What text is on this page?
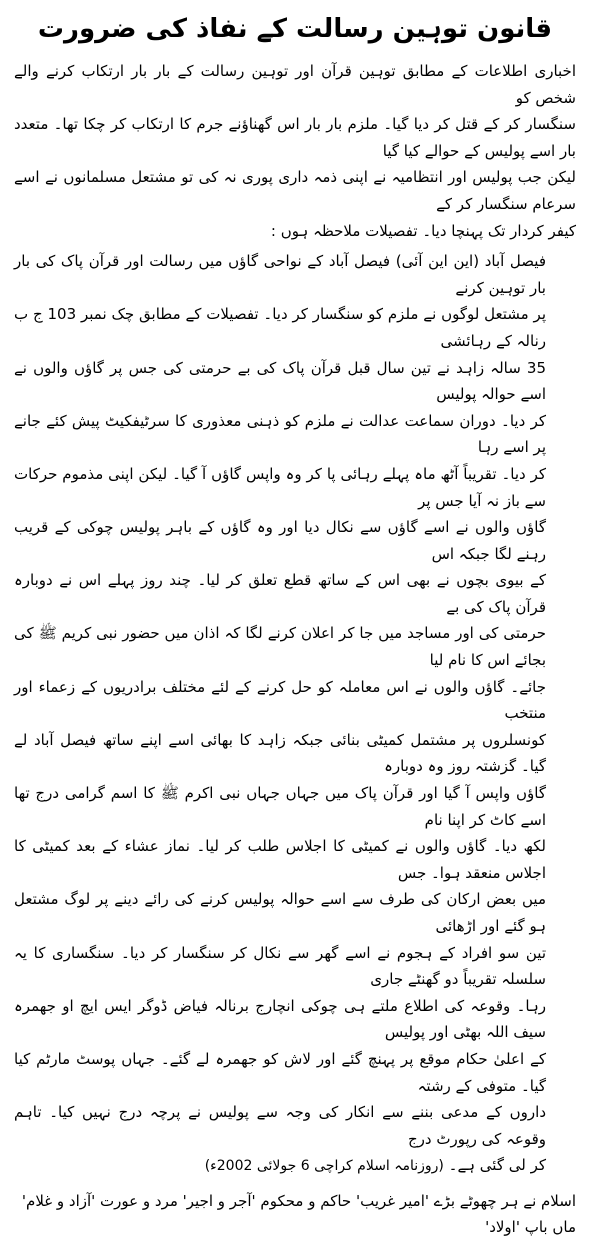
قانون توہین رسالت کے نفاذ کی ضرورت

اخباری اطلاعات کے مطابق توہین قرآن اور توہین رسالت کے بار بار ارتکاب کرنے والے شخص کو

سنگسار کر کے قتل کر دیا گیا۔ ملزم بار بار اس گھناؤنے جرم کا ارتکاب کر چکا تھا۔ متعدد بار اسے پولیس کے حوالے کیا گیا

لیکن جب پولیس اور انتظامیہ نے اپنی ذمہ داری پوری نہ کی تو مشتعل مسلمانوں نے اسے سرعام سنگسار کر کے

کیفر کردار تک پہنچا دیا۔ تفصیلات ملاحظہ ہوں :

فیصل آباد (این این آئی) فیصل آباد کے نواحی گاؤں میں رسالت اور قرآن پاک کی بار بار توہین کرنے

پر مشتعل لوگوں نے ملزم کو سنگسار کر دیا۔ تفصیلات کے مطابق چک نمبر 103 ج ب رنالہ کے رہائشی

35 سالہ زاہد نے تین سال قبل قرآن پاک کی بے حرمتی کی جس پر گاؤں والوں نے اسے حوالہ پولیس

کر دیا۔ دوران سماعت عدالت نے ملزم کو ذہنی معذوری کا سرٹیفکیٹ پیش کئے جانے پر اسے رہا

کر دیا۔ تقریباً آٹھ ماہ پہلے رہائی پا کر وہ واپس گاؤں آ گیا۔ لیکن اپنی مذموم حرکات سے باز نہ آیا جس پر

گاؤں والوں نے اسے گاؤں سے نکال دیا اور وہ گاؤں کے باہر پولیس چوکی کے قریب رہنے لگا جبکہ اس

کے بیوی بچوں نے بھی اس کے ساتھ قطع تعلق کر لیا۔ چند روز پہلے اس نے دوبارہ قرآن پاک کی بے

حرمتی کی اور مساجد میں جا کر اعلان کرنے لگا کہ اذان میں حضور نبی کریم ﷺ کی بجائے اس کا نام لیا

جائے۔ گاؤں والوں نے اس معاملہ کو حل کرنے کے لئے مختلف برادریوں کے زعماء اور منتخب

کونسلروں پر مشتمل کمیٹی بنائی جبکہ زاہد کا بھائی اسے اپنے ساتھ فیصل آباد لے گیا۔ گزشتہ روز وہ دوبارہ

گاؤں واپس آ گیا اور قرآن پاک میں جہاں جہاں نبی اکرم ﷺ کا اسم گرامی درج تھا اسے کاٹ کر اپنا نام

لکھ دیا۔ گاؤں والوں نے کمیٹی کا اجلاس طلب کر لیا۔ نماز عشاء کے بعد کمیٹی کا اجلاس منعقد ہوا۔ جس

میں بعض ارکان کی طرف سے اسے حوالہ پولیس کرنے کی رائے دینے پر لوگ مشتعل ہو گئے اور اڑھائی

تین سو افراد کے ہجوم نے اسے گھر سے نکال کر سنگسار کر دیا۔ سنگساری کا یہ سلسلہ تقریباً دو گھنٹے جاری

رہا۔ وقوعہ کی اطلاع ملتے ہی چوکی انچارج برنالہ فیاض ڈوگر ایس ایچ او جھمرہ سیف اللہ بھٹی اور پولیس

کے اعلیٰ حکام موقع پر پہنچ گئے اور لاش کو جھمرہ لے گئے۔ جہاں پوسٹ مارٹم کیا گیا۔ متوفی کے رشتہ

داروں کے مدعی بننے سے انکار کی وجہ سے پولیس نے پرچہ درج نہیں کیا۔ تاہم وقوعہ کی رپورٹ درج

کر لی گئی ہے۔ (روزنامہ اسلام کراچی 6 جولائی 2002ء)

اسلام نے ہر چھوٹے بڑے 'امیر غریب' حاکم و محکوم 'آجر و اجیر' مرد و عورت 'آزاد و غلام' ماں باپ 'اولاد'
